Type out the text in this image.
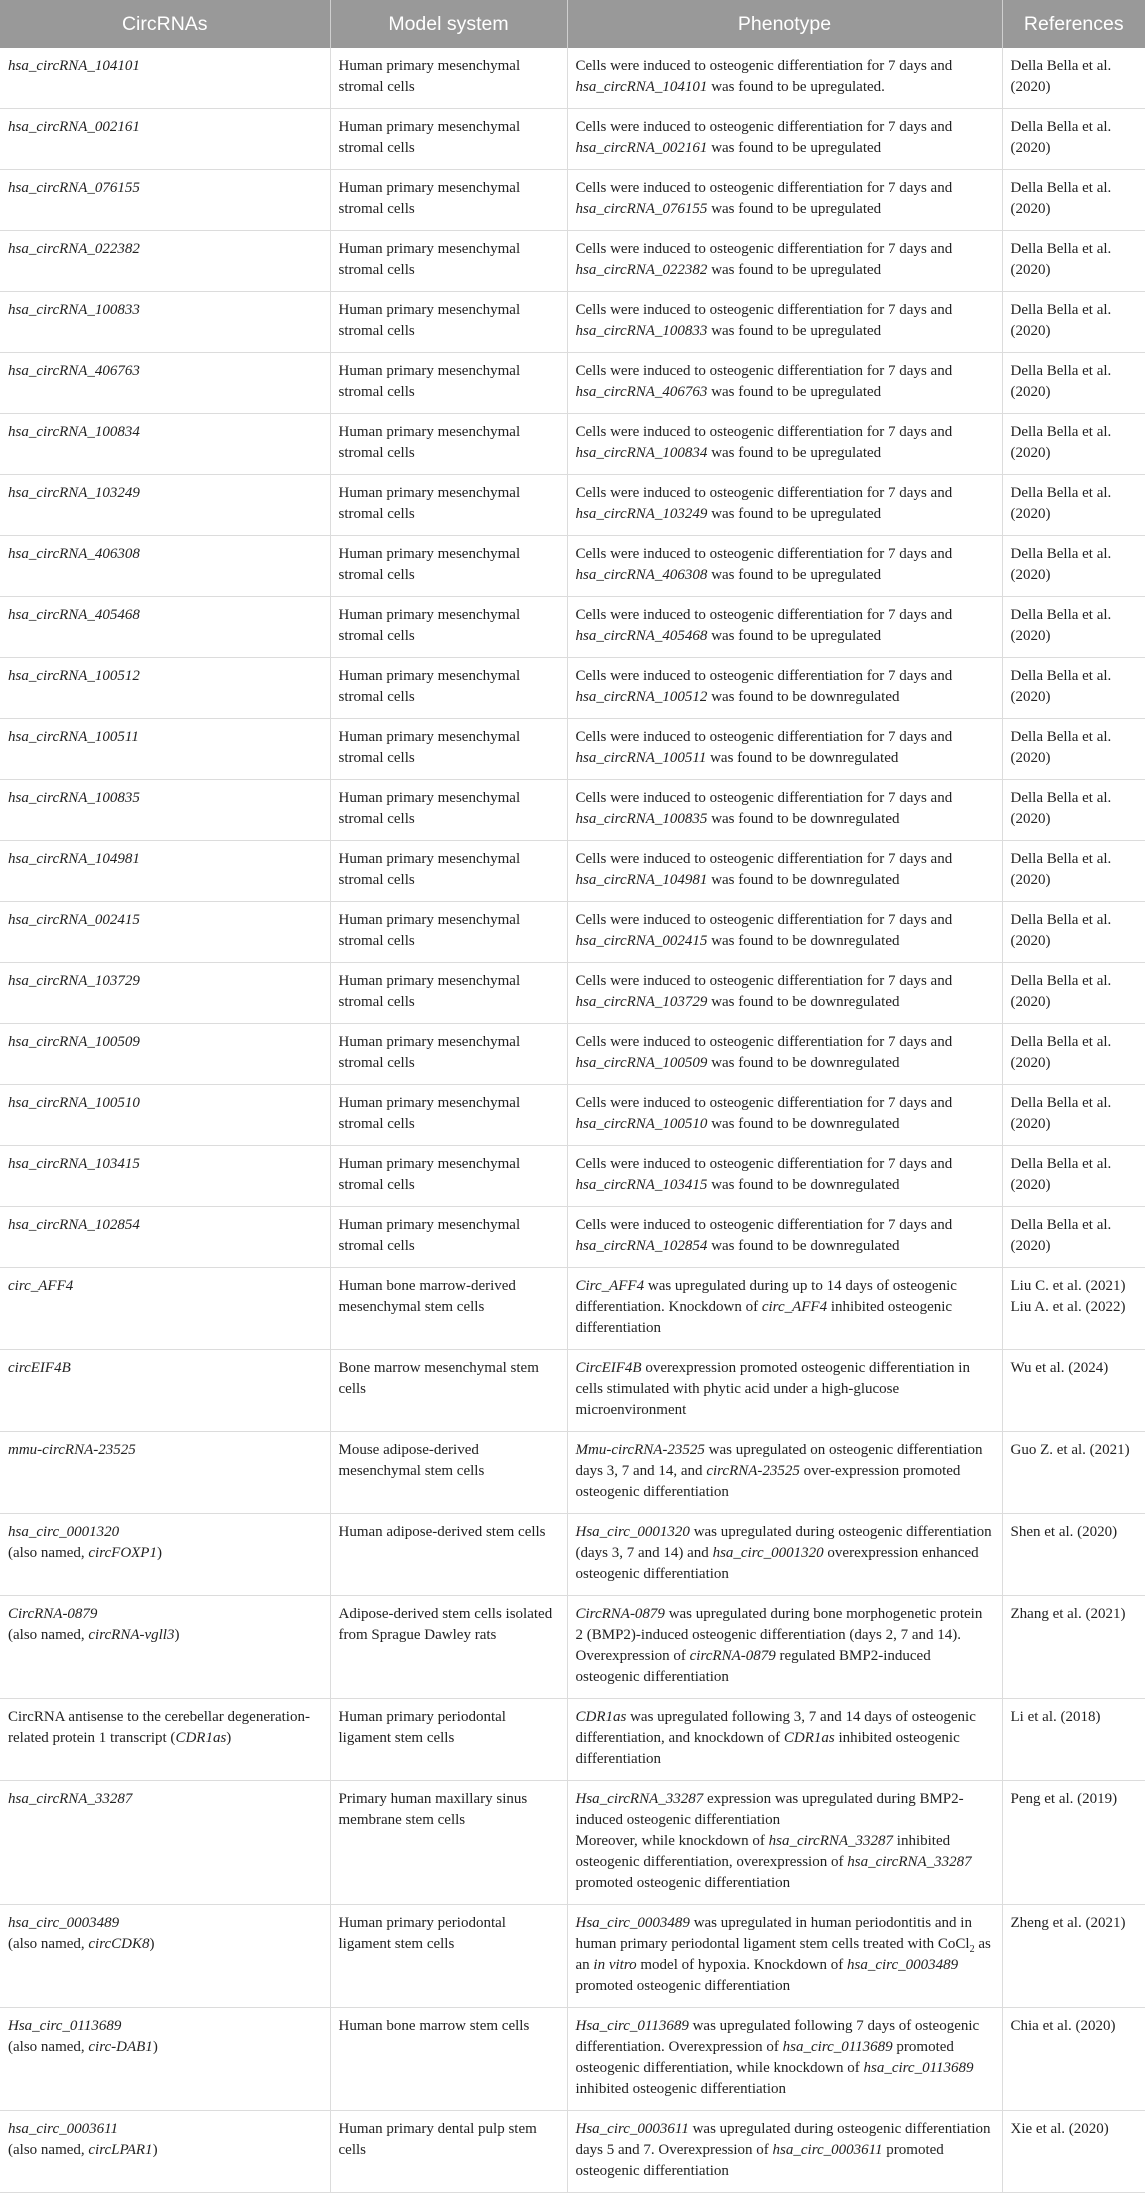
CircRNAs	Model system	Phenotype	References
hsa_circRNA_104101	Human primary mesenchymal stromal cells	Cells were induced to osteogenic differentiation for 7 days and hsa_circRNA_104101 was found to be upregulated.	Della Bella et al. (2020)
hsa_circRNA_002161	Human primary mesenchymal stromal cells	Cells were induced to osteogenic differentiation for 7 days and hsa_circRNA_002161 was found to be upregulated	Della Bella et al. (2020)
hsa_circRNA_076155	Human primary mesenchymal stromal cells	Cells were induced to osteogenic differentiation for 7 days and hsa_circRNA_076155 was found to be upregulated	Della Bella et al. (2020)
hsa_circRNA_022382	Human primary mesenchymal stromal cells	Cells were induced to osteogenic differentiation for 7 days and hsa_circRNA_022382 was found to be upregulated	Della Bella et al. (2020)
hsa_circRNA_100833	Human primary mesenchymal stromal cells	Cells were induced to osteogenic differentiation for 7 days and hsa_circRNA_100833 was found to be upregulated	Della Bella et al. (2020)
hsa_circRNA_406763	Human primary mesenchymal stromal cells	Cells were induced to osteogenic differentiation for 7 days and hsa_circRNA_406763 was found to be upregulated	Della Bella et al. (2020)
hsa_circRNA_100834	Human primary mesenchymal stromal cells	Cells were induced to osteogenic differentiation for 7 days and hsa_circRNA_100834 was found to be upregulated	Della Bella et al. (2020)
hsa_circRNA_103249	Human primary mesenchymal stromal cells	Cells were induced to osteogenic differentiation for 7 days and hsa_circRNA_103249 was found to be upregulated	Della Bella et al. (2020)
hsa_circRNA_406308	Human primary mesenchymal stromal cells	Cells were induced to osteogenic differentiation for 7 days and hsa_circRNA_406308 was found to be upregulated	Della Bella et al. (2020)
hsa_circRNA_405468	Human primary mesenchymal stromal cells	Cells were induced to osteogenic differentiation for 7 days and hsa_circRNA_405468 was found to be upregulated	Della Bella et al. (2020)
hsa_circRNA_100512	Human primary mesenchymal stromal cells	Cells were induced to osteogenic differentiation for 7 days and hsa_circRNA_100512 was found to be downregulated	Della Bella et al. (2020)
hsa_circRNA_100511	Human primary mesenchymal stromal cells	Cells were induced to osteogenic differentiation for 7 days and hsa_circRNA_100511 was found to be downregulated	Della Bella et al. (2020)
hsa_circRNA_100835	Human primary mesenchymal stromal cells	Cells were induced to osteogenic differentiation for 7 days and hsa_circRNA_100835 was found to be downregulated	Della Bella et al. (2020)
hsa_circRNA_104981	Human primary mesenchymal stromal cells	Cells were induced to osteogenic differentiation for 7 days and hsa_circRNA_104981 was found to be downregulated	Della Bella et al. (2020)
hsa_circRNA_002415	Human primary mesenchymal stromal cells	Cells were induced to osteogenic differentiation for 7 days and hsa_circRNA_002415 was found to be downregulated	Della Bella et al. (2020)
hsa_circRNA_103729	Human primary mesenchymal stromal cells	Cells were induced to osteogenic differentiation for 7 days and hsa_circRNA_103729 was found to be downregulated	Della Bella et al. (2020)
hsa_circRNA_100509	Human primary mesenchymal stromal cells	Cells were induced to osteogenic differentiation for 7 days and hsa_circRNA_100509 was found to be downregulated	Della Bella et al. (2020)
hsa_circRNA_100510	Human primary mesenchymal stromal cells	Cells were induced to osteogenic differentiation for 7 days and hsa_circRNA_100510 was found to be downregulated	Della Bella et al. (2020)
hsa_circRNA_103415	Human primary mesenchymal stromal cells	Cells were induced to osteogenic differentiation for 7 days and hsa_circRNA_103415 was found to be downregulated	Della Bella et al. (2020)
hsa_circRNA_102854	Human primary mesenchymal stromal cells	Cells were induced to osteogenic differentiation for 7 days and hsa_circRNA_102854 was found to be downregulated	Della Bella et al. (2020)
circ_AFF4	Human bone marrow-derived mesenchymal stem cells	Circ_AFF4 was upregulated during up to 14 days of osteogenic differentiation. Knockdown of circ_AFF4 inhibited osteogenic differentiation	Liu C. et al. (2021)
Liu A. et al. (2022)
circEIF4B	Bone marrow mesenchymal stem cells	CircEIF4B overexpression promoted osteogenic differentiation in cells stimulated with phytic acid under a high-glucose microenvironment	Wu et al. (2024)
mmu-circRNA-23525	Mouse adipose-derived mesenchymal stem cells	Mmu-circRNA-23525 was upregulated on osteogenic differentiation days 3, 7 and 14, and circRNA-23525 over-expression promoted osteogenic differentiation	Guo Z. et al. (2021)
hsa_circ_0001320
(also named, circFOXP1)	Human adipose-derived stem cells	Hsa_circ_0001320 was upregulated during osteogenic differentiation (days 3, 7 and 14) and hsa_circ_0001320 overexpression enhanced osteogenic differentiation	Shen et al. (2020)
CircRNA-0879
(also named, circRNA-vgll3)	Adipose-derived stem cells isolated from Sprague Dawley rats	CircRNA-0879 was upregulated during bone morphogenetic protein 2 (BMP2)-induced osteogenic differentiation (days 2, 7 and 14). Overexpression of circRNA-0879 regulated BMP2-induced osteogenic differentiation	Zhang et al. (2021)
CircRNA antisense to the cerebellar degeneration-related protein 1 transcript (CDR1as)	Human primary periodontal ligament stem cells	CDR1as was upregulated following 3, 7 and 14 days of osteogenic differentiation, and knockdown of CDR1as inhibited osteogenic differentiation	Li et al. (2018)
hsa_circRNA_33287	Primary human maxillary sinus membrane stem cells	Hsa_circRNA_33287 expression was upregulated during BMP2-induced osteogenic differentiation
Moreover, while knockdown of hsa_circRNA_33287 inhibited osteogenic differentiation, overexpression of hsa_circRNA_33287 promoted osteogenic differentiation	Peng et al. (2019)
hsa_circ_0003489
(also named, circCDK8)	Human primary periodontal ligament stem cells	Hsa_circ_0003489 was upregulated in human periodontitis and in human primary periodontal ligament stem cells treated with CoCl$_2$ as an in vitro model of hypoxia. Knockdown of hsa_circ_0003489 promoted osteogenic differentiation	Zheng et al. (2021)
Hsa_circ_0113689
(also named, circ-DAB1)	Human bone marrow stem cells	Hsa_circ_0113689 was upregulated following 7 days of osteogenic differentiation. Overexpression of hsa_circ_0113689 promoted osteogenic differentiation, while knockdown of hsa_circ_0113689 inhibited osteogenic differentiation	Chia et al. (2020)
hsa_circ_0003611
(also named, circLPAR1)	Human primary dental pulp stem cells	Hsa_circ_0003611 was upregulated during osteogenic differentiation days 5 and 7. Overexpression of hsa_circ_0003611 promoted osteogenic differentiation	Xie et al. (2020)
